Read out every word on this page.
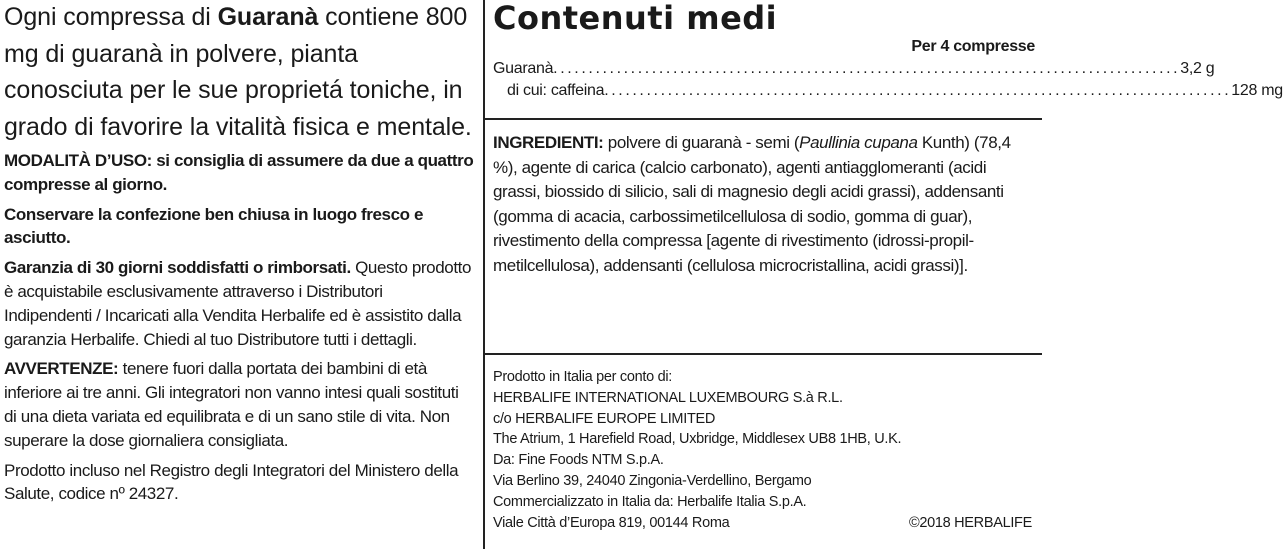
Ogni compressa di Guaranà contiene 800 mg di guaranà in polvere, pianta conosciuta per le sue proprietá toniche, in grado di favorire la vitalità fisica e mentale.

MODALITÀ D’USO: si consiglia di assumere da due a quattro compresse al giorno.

Conservare la confezione ben chiusa in luogo fresco e asciutto.

Garanzia di 30 giorni soddisfatti o rimborsati. Questo prodotto è acquistabile esclusivamente attraverso i Distributori Indipendenti / Incaricati alla Vendita Herbalife ed è assistito dalla garanzia Herbalife. Chiedi al tuo Distributore tutti i dettagli.

AVVERTENZE: tenere fuori dalla portata dei bambini di età inferiore ai tre anni. Gli integratori non vanno intesi quali sostituti di una dieta variata ed equilibrata e di un sano stile di vita. Non superare la dose giornaliera consigliata.

Prodotto incluso nel Registro degli Integratori del Ministero della Salute, codice nº 24327.

Contenuti medi
Per 4 compresse
Guaranà ......................................................................................... 3,2 g
di cui: caffeina ......................................................................................... 128 mg

INGREDIENTI: polvere di guaranà - semi (Paullinia cupana Kunth) (78,4 %), agente di carica (calcio carbonato), agenti antiagglomeranti (acidi grassi, biossido di silicio, sali di magnesio degli acidi grassi), addensanti (gomma di acacia, carbossimetilcellulosa di sodio, gomma di guar), rivestimento della compressa [agente di rivestimento (idrossi-propil-metilcellulosa), addensanti (cellulosa microcristallina, acidi grassi)].

Prodotto in Italia per conto di:

HERBALIFE INTERNATIONAL LUXEMBOURG S.à R.L.

c/o HERBALIFE EUROPE LIMITED

The Atrium, 1 Harefield Road, Uxbridge, Middlesex UB8 1HB, U.K.

Da: Fine Foods NTM S.p.A.

Via Berlino 39, 24040 Zingonia-Verdellino, Bergamo

Commercializzato in Italia da: Herbalife Italia S.p.A.

Viale Città d’Europa 819, 00144 Roma	©2018 HERBALIFE
